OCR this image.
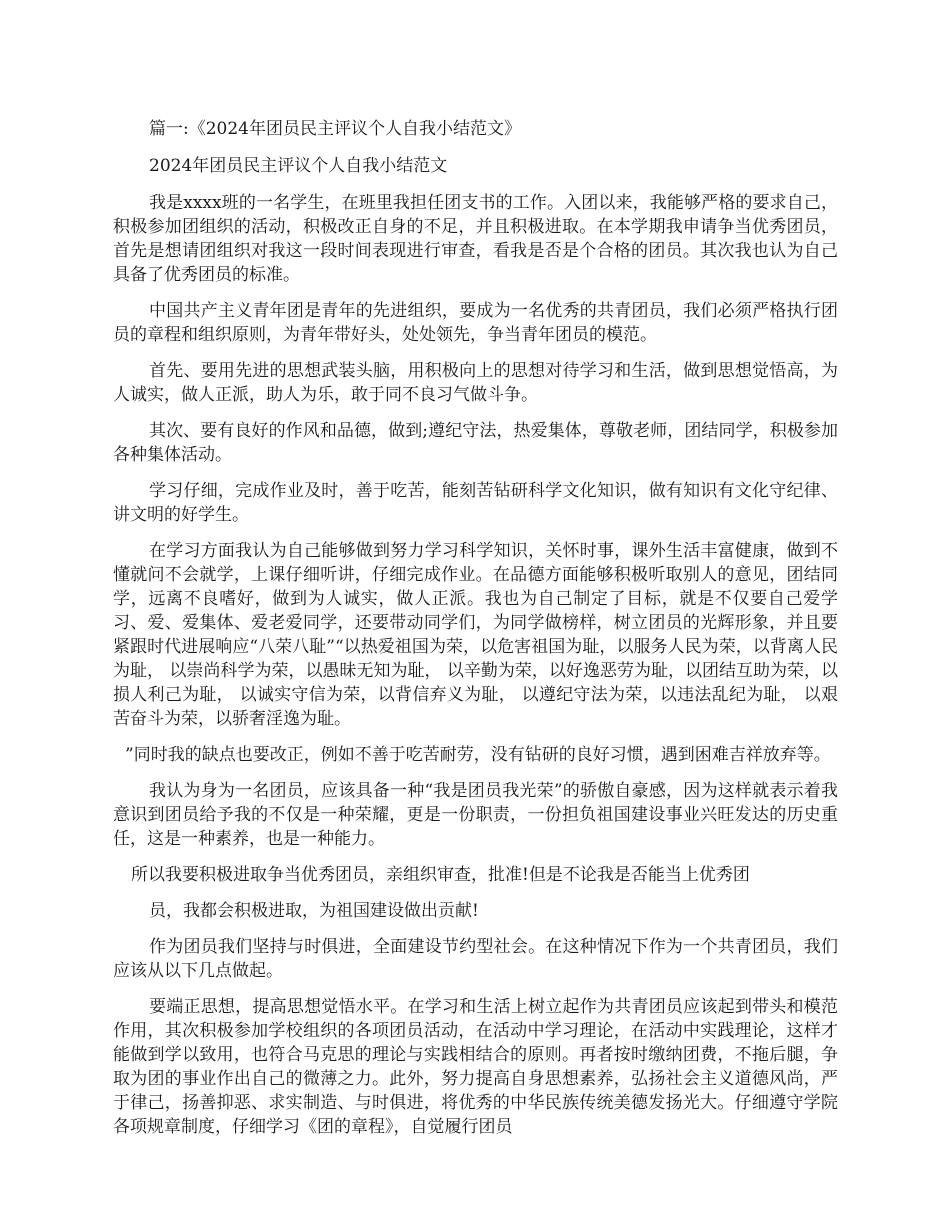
篇一:《2024年团员民主评议个人自我小结范文》

2024年团员民主评议个人自我小结范文

我是xxxx班的一名学生，在班里我担任团支书的工作。入团以来，我能够严格的要求自己，积极参加团组织的活动，积极改正自身的不足，并且积极进取。在本学期我申请争当优秀团员，首先是想请团组织对我这一段时间表现进行审查，看我是否是个合格的团员。其次我也认为自己具备了优秀团员的标准。

中国共产主义青年团是青年的先进组织，要成为一名优秀的共青团员，我们必须严格执行团员的章程和组织原则，为青年带好头，处处领先，争当青年团员的模范。

首先、要用先进的思想武装头脑，用积极向上的思想对待学习和生活，做到思想觉悟高，为人诚实，做人正派，助人为乐，敢于同不良习气做斗争。

其次、要有良好的作风和品德，做到;遵纪守法，热爱集体，尊敬老师，团结同学，积极参加各种集体活动。

学习仔细，完成作业及时，善于吃苦，能刻苦钻研科学文化知识，做有知识有文化守纪律、讲文明的好学生。

在学习方面我认为自己能够做到努力学习科学知识，关怀时事，课外生活丰富健康，做到不懂就问不会就学，上课仔细听讲，仔细完成作业。在品德方面能够积极听取别人的意见，团结同学，远离不良嗜好，做到为人诚实，做人正派。我也为自己制定了目标，就是不仅要自己爱学习、爱、爱集体、爱老爱同学，还要带动同学们，为同学做榜样，树立团员的光辉形象，并且要紧跟时代进展响应“八荣八耻”“以热爱祖国为荣，以危害祖国为耻，以服务人民为荣，以背离人民为耻， 以崇尚科学为荣，以愚昧无知为耻， 以辛勤为荣，以好逸恶劳为耻，以团结互助为荣，以损人利己为耻， 以诚实守信为荣，以背信弃义为耻， 以遵纪守法为荣，以违法乱纪为耻， 以艰苦奋斗为荣，以骄奢淫逸为耻。

”同时我的缺点也要改正，例如不善于吃苦耐劳，没有钻研的良好习惯，遇到困难吉祥放弃等。

我认为身为一名团员，应该具备一种“我是团员我光荣”的骄傲自豪感，因为这样就表示着我意识到团员给予我的不仅是一种荣耀，更是一份职责，一份担负祖国建设事业兴旺发达的历史重任，这是一种素养，也是一种能力。

所以我要积极进取争当优秀团员，亲组织审查，批准!但是不论我是否能当上优秀团

员，我都会积极进取，为祖国建设做出贡献!

作为团员我们坚持与时俱进，全面建设节约型社会。在这种情况下作为一个共青团员，我们应该从以下几点做起。

要端正思想，提高思想觉悟水平。在学习和生活上树立起作为共青团员应该起到带头和模范作用，其次积极参加学校组织的各项团员活动，在活动中学习理论，在活动中实践理论，这样才能做到学以致用，也符合马克思的理论与实践相结合的原则。再者按时缴纳团费，不拖后腿，争取为团的事业作出自己的微薄之力。此外，努力提高自身思想素养，弘扬社会主义道德风尚，严于律己，扬善抑恶、求实制造、与时俱进，将优秀的中华民族传统美德发扬光大。仔细遵守学院各项规章制度，仔细学习《团的章程》，自觉履行团员
